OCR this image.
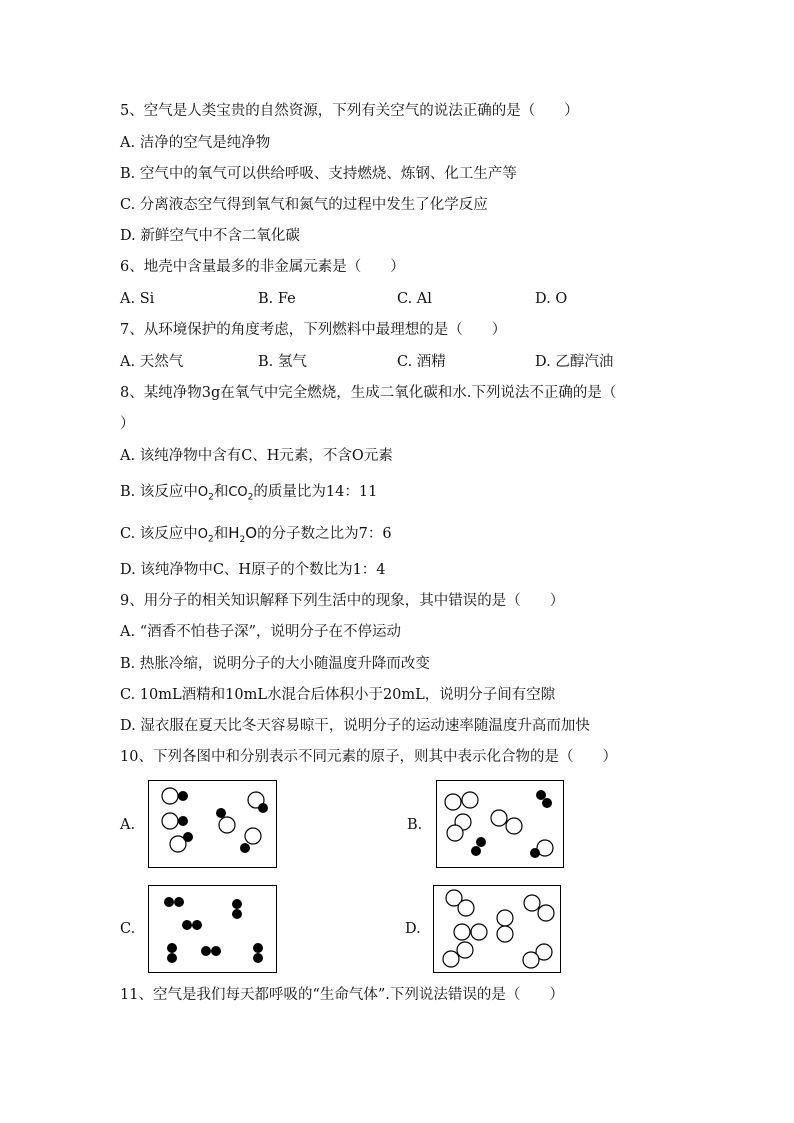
5、空气是人类宝贵的自然资源，下列有关空气的说法正确的是（　　）
A. 洁净的空气是纯净物
B. 空气中的氧气可以供给呼吸、支持燃烧、炼钢、化工生产等
C. 分离液态空气得到氧气和氮气的过程中发生了化学反应
D. 新鲜空气中不含二氧化碳
6、地壳中含量最多的非金属元素是（　　）
A. Si	B. Fe	C. Al	D. O
7、从环境保护的角度考虑，下列燃料中最理想的是（　　）
A. 天然气	B. 氢气	C. 酒精	D. 乙醇汽油
8、某纯净物3g在氧气中完全燃烧，生成二氧化碳和水.下列说法不正确的是（
）
A. 该纯净物中含有C、H元素，不含O元素
B. 该反应中$O_2$和$CO_2$的质量比为14：11
C. 该反应中$O_2$和$H_2O$的分子数之比为7：6
D. 该纯净物中C、H原子的个数比为1：4
9、用分子的相关知识解释下列生活中的现象，其中错误的是（　　）
A. “酒香不怕巷子深”，说明分子在不停运动
B. 热胀冷缩，说明分子的大小随温度升降而改变
C. 10mL酒精和10mL水混合后体积小于20mL，说明分子间有空隙
D. 湿衣服在夏天比冬天容易晾干，说明分子的运动速率随温度升高而加快
10、下列各图中和分别表示不同元素的原子，则其中表示化合物的是（　　）
A.	B.
C.	D.
11、空气是我们每天都呼吸的“生命气体”.下列说法错误的是（　　）
